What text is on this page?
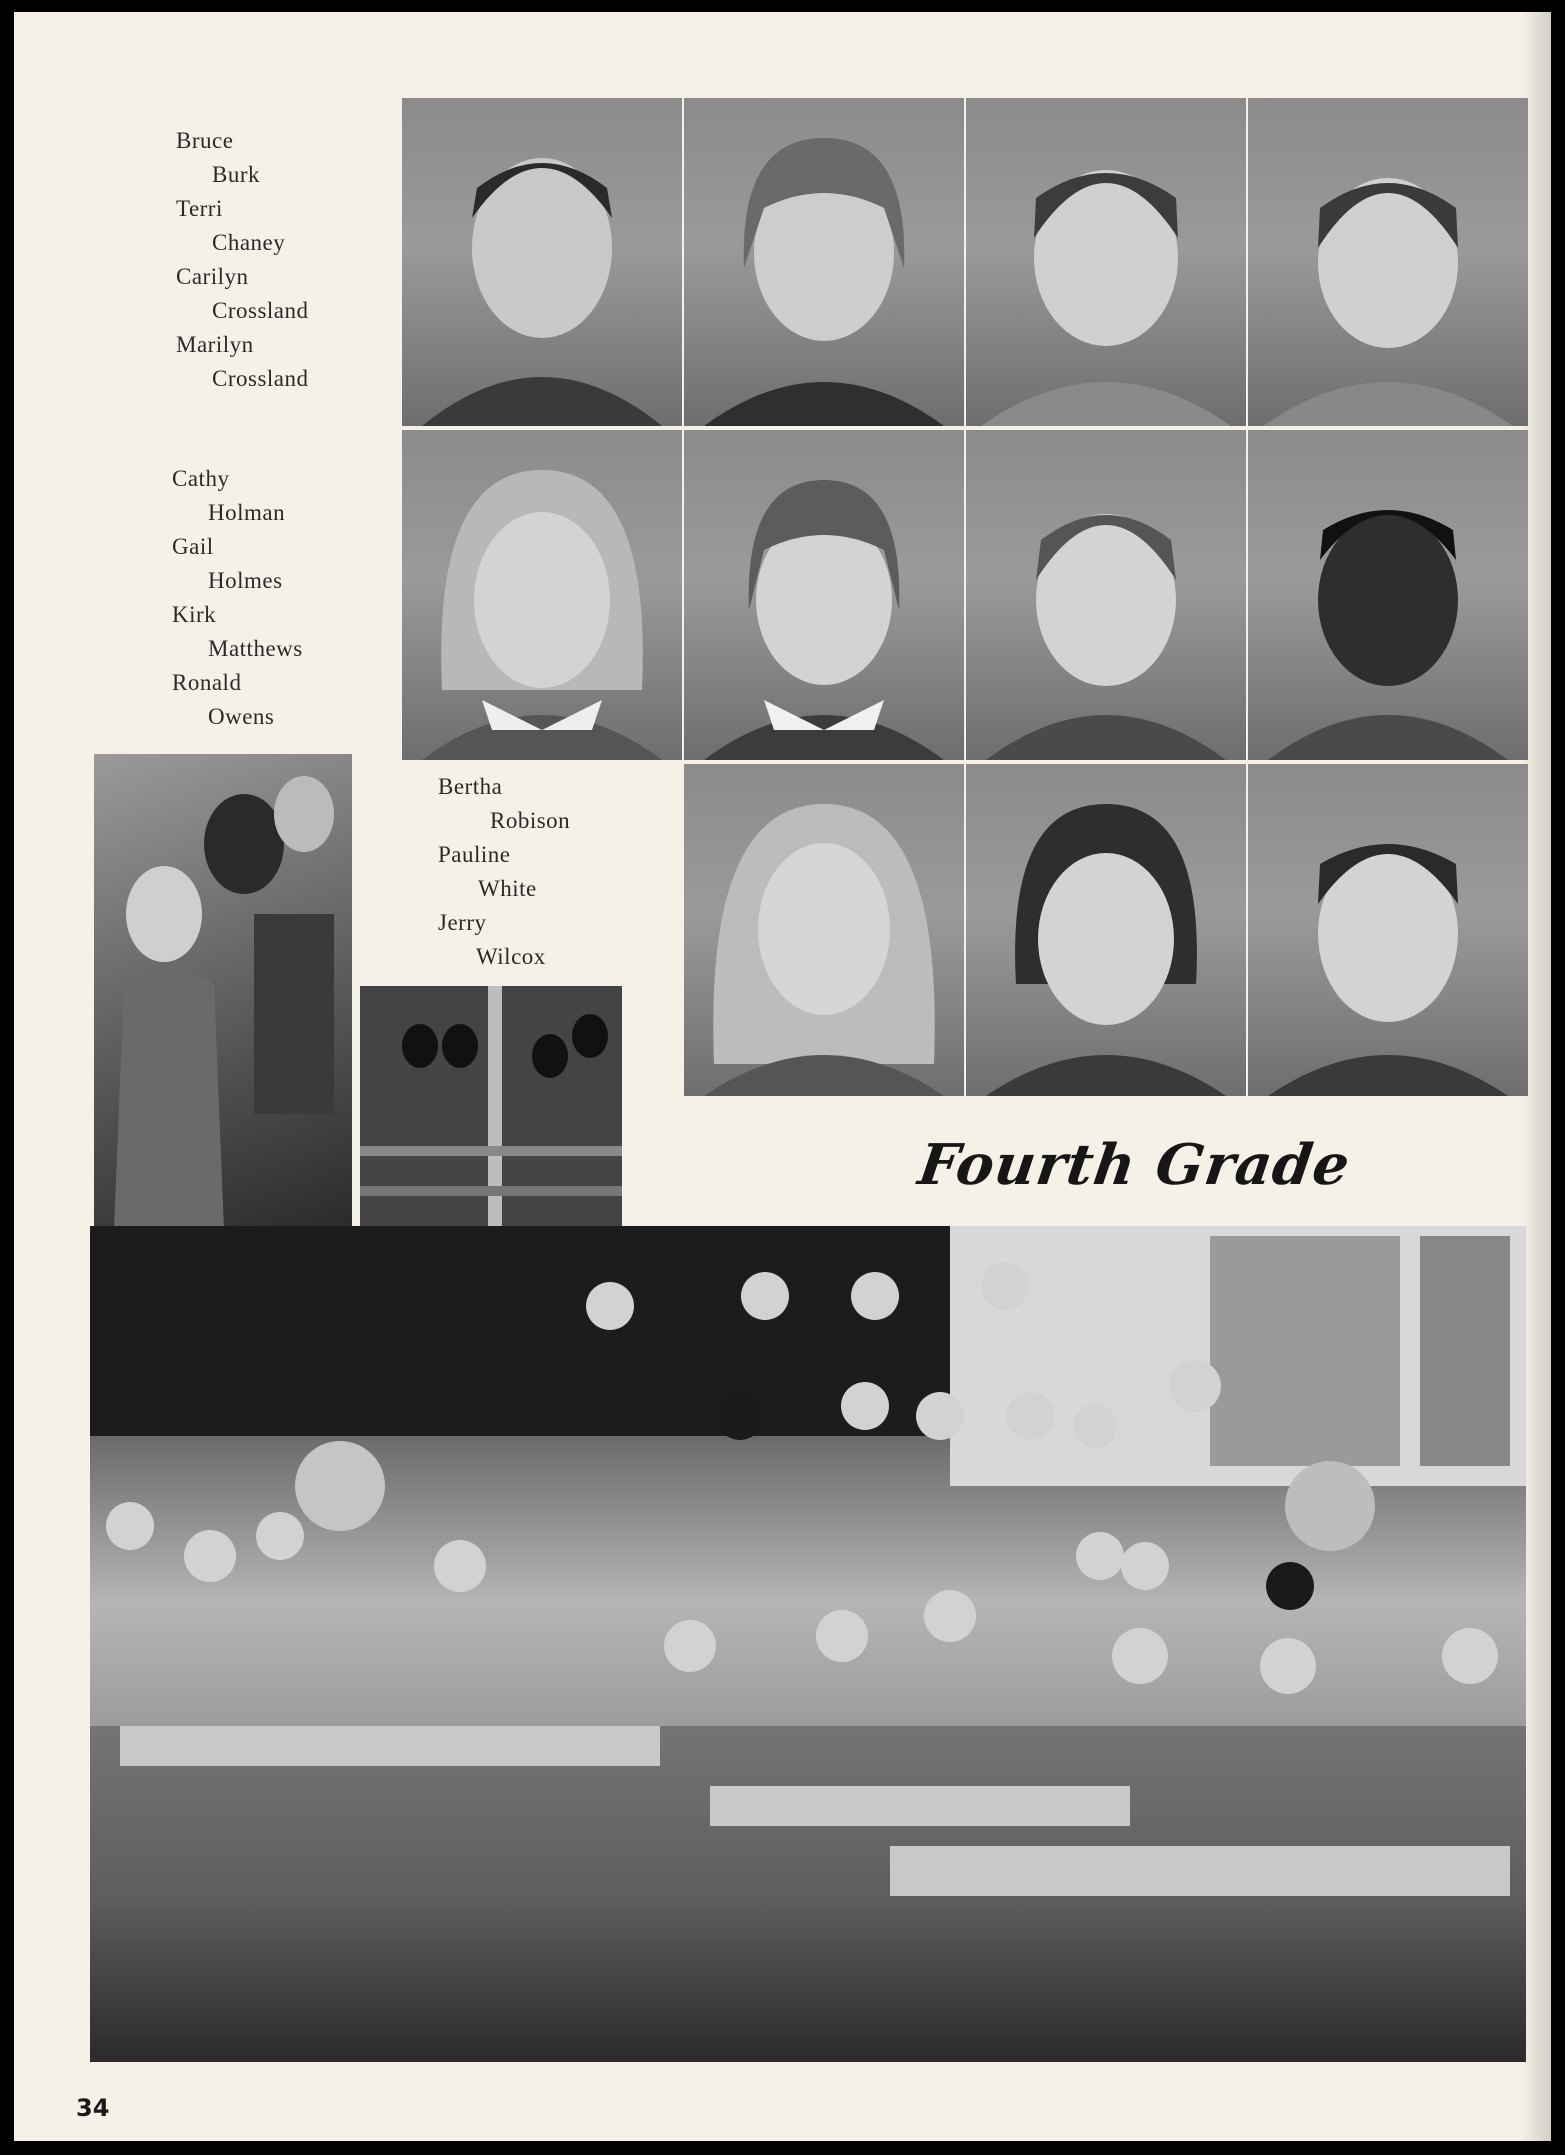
Bruce
Burk
Terri
Chaney
Carilyn
Crossland
Marilyn
Crossland
Cathy
Holman
Gail
Holmes
Kirk
Matthews
Ronald
Owens
Bertha
Robison
Pauline
White
Jerry
Wilcox
Fourth Grade
34
